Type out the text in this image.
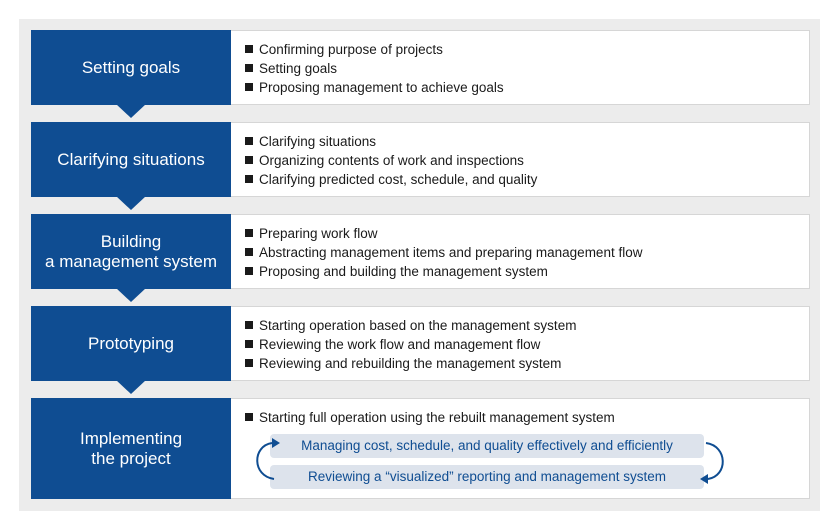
Setting goals
Confirming purpose of projects
Setting goals
Proposing management to achieve goals
Clarifying situations
Clarifying situations
Organizing contents of work and inspections
Clarifying predicted cost, schedule, and quality
Building
a management system
Preparing work flow
Abstracting management items and preparing management flow
Proposing and building the management system
Prototyping
Starting operation based on the management system
Reviewing the work flow and management flow
Reviewing and rebuilding the management system
Implementing
the project
Starting full operation using the rebuilt management system
Managing cost, schedule, and quality effectively and efficiently
Reviewing a “visualized” reporting and management system
